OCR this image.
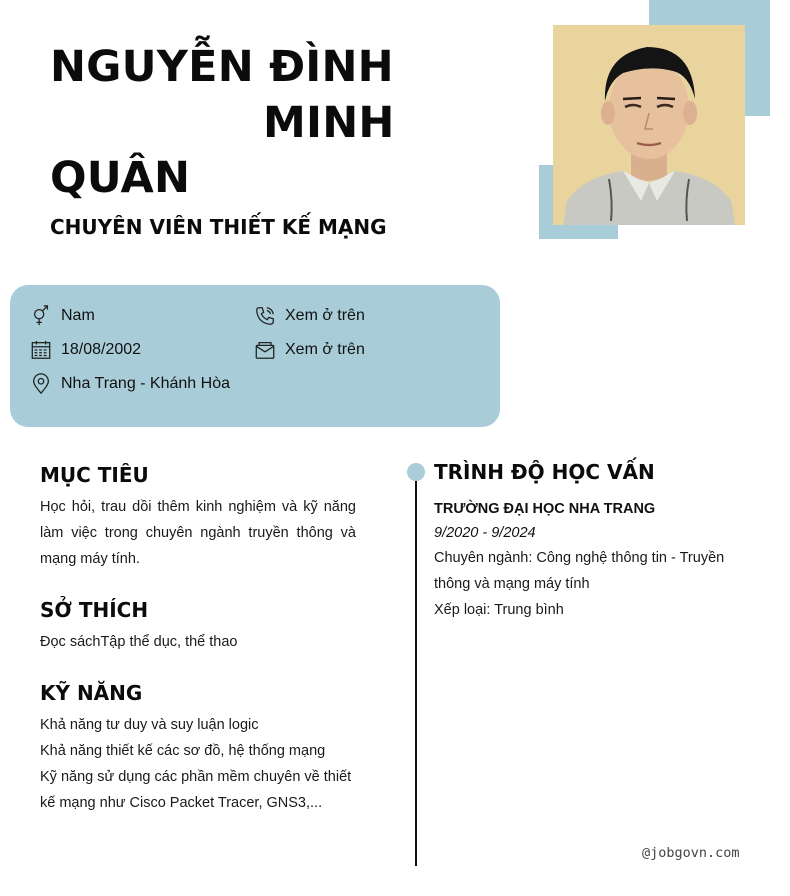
NGUYỄN ĐÌNH
MINH
QUÂN
CHUYÊN VIÊN THIẾT KẾ MẠNG
Nam
18/08/2002
Nha Trang - Khánh Hòa
Xem ở trên
Xem ở trên
MỤC TIÊU

Học hỏi, trau dồi thêm kinh nghiệm và kỹ năng làm việc trong chuyên ngành truyền thông và mạng máy tính.

SỞ THÍCH

Đọc sáchTập thể dục, thể thao

KỸ NĂNG
Khả năng tư duy và suy luận logic
Khả năng thiết kế các sơ đồ, hệ thống mạng
Kỹ năng sử dụng các phần mềm chuyên về thiết kế mạng như Cisco Packet Tracer, GNS3,...
TRÌNH ĐỘ HỌC VẤN
TRƯỜNG ĐẠI HỌC NHA TRANG
9/2020 - 9/2024

Chuyên ngành: Công nghệ thông tin - Truyền thông và mạng máy tính

Xếp loại: Trung bình

@jobgovn.com
